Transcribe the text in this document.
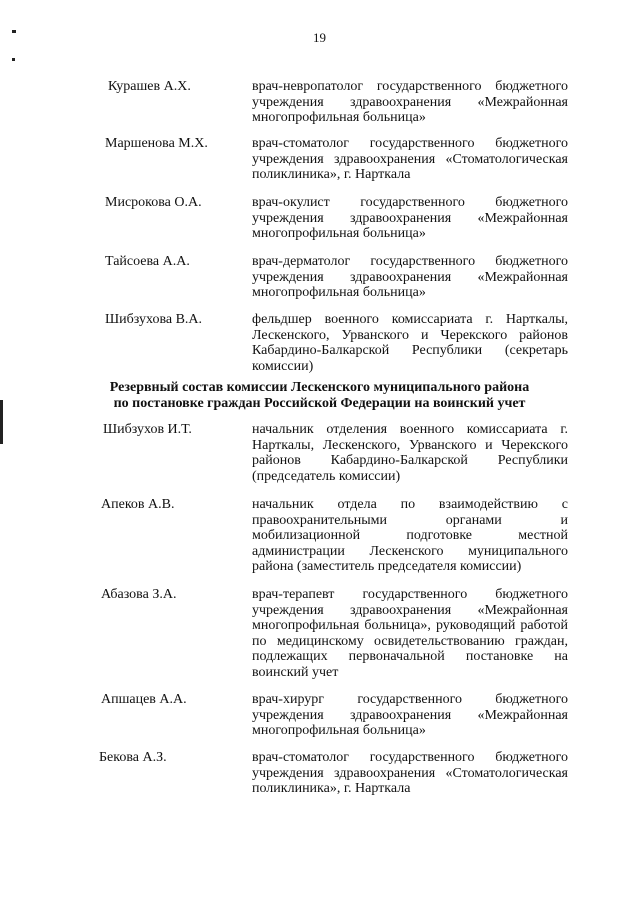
19
Курашев А.Х.	врач-невропатолог государственного бюджетного учреждения здравоохранения «Межрайонная многопрофильная больница»
Маршенова М.Х.	врач-стоматолог государственного бюджетного учреждения здравоохранения «Стоматологическая поликлиника», г. Нарткала
Мисрокова О.А.	врач-окулист государственного бюджетного учреждения здравоохранения «Межрайонная многопрофильная больница»
Тайсоева А.А.	врач-дерматолог государственного бюджетного учреждения здравоохранения «Межрайонная многопрофильная больница»
Шибзухова В.А.	фельдшер военного комиссариата г. Нарткалы, Лескенского, Урванского и Черекского районов Кабардино-Балкарской Республики (секретарь комиссии)
Резервный состав комиссии Лескенского муниципального района
по постановке граждан Российской Федерации на воинский учет
Шибзухов И.Т.	начальник отделения военного комиссариата г. Нарткалы, Лескенского, Урванского и Черекского районов Кабардино-Балкарской Республики (председатель комиссии)
Апеков А.В.	начальник отдела по взаимодействию с правоохранительными органами и мобилизационной подготовке местной администрации Лескенского муниципального района (заместитель председателя комиссии)
Абазова З.А.	врач-терапевт государственного бюджетного учреждения здравоохранения «Межрайонная многопрофильная больница», руководящий работой по медицинскому освидетельствованию граждан, подлежащих первоначальной постановке на воинский учет
Апшацев А.А.	врач-хирург государственного бюджетного учреждения здравоохранения «Межрайонная многопрофильная больница»
Бекова А.З.	врач-стоматолог государственного бюджетного учреждения здравоохранения «Стоматологическая поликлиника», г. Нарткала
